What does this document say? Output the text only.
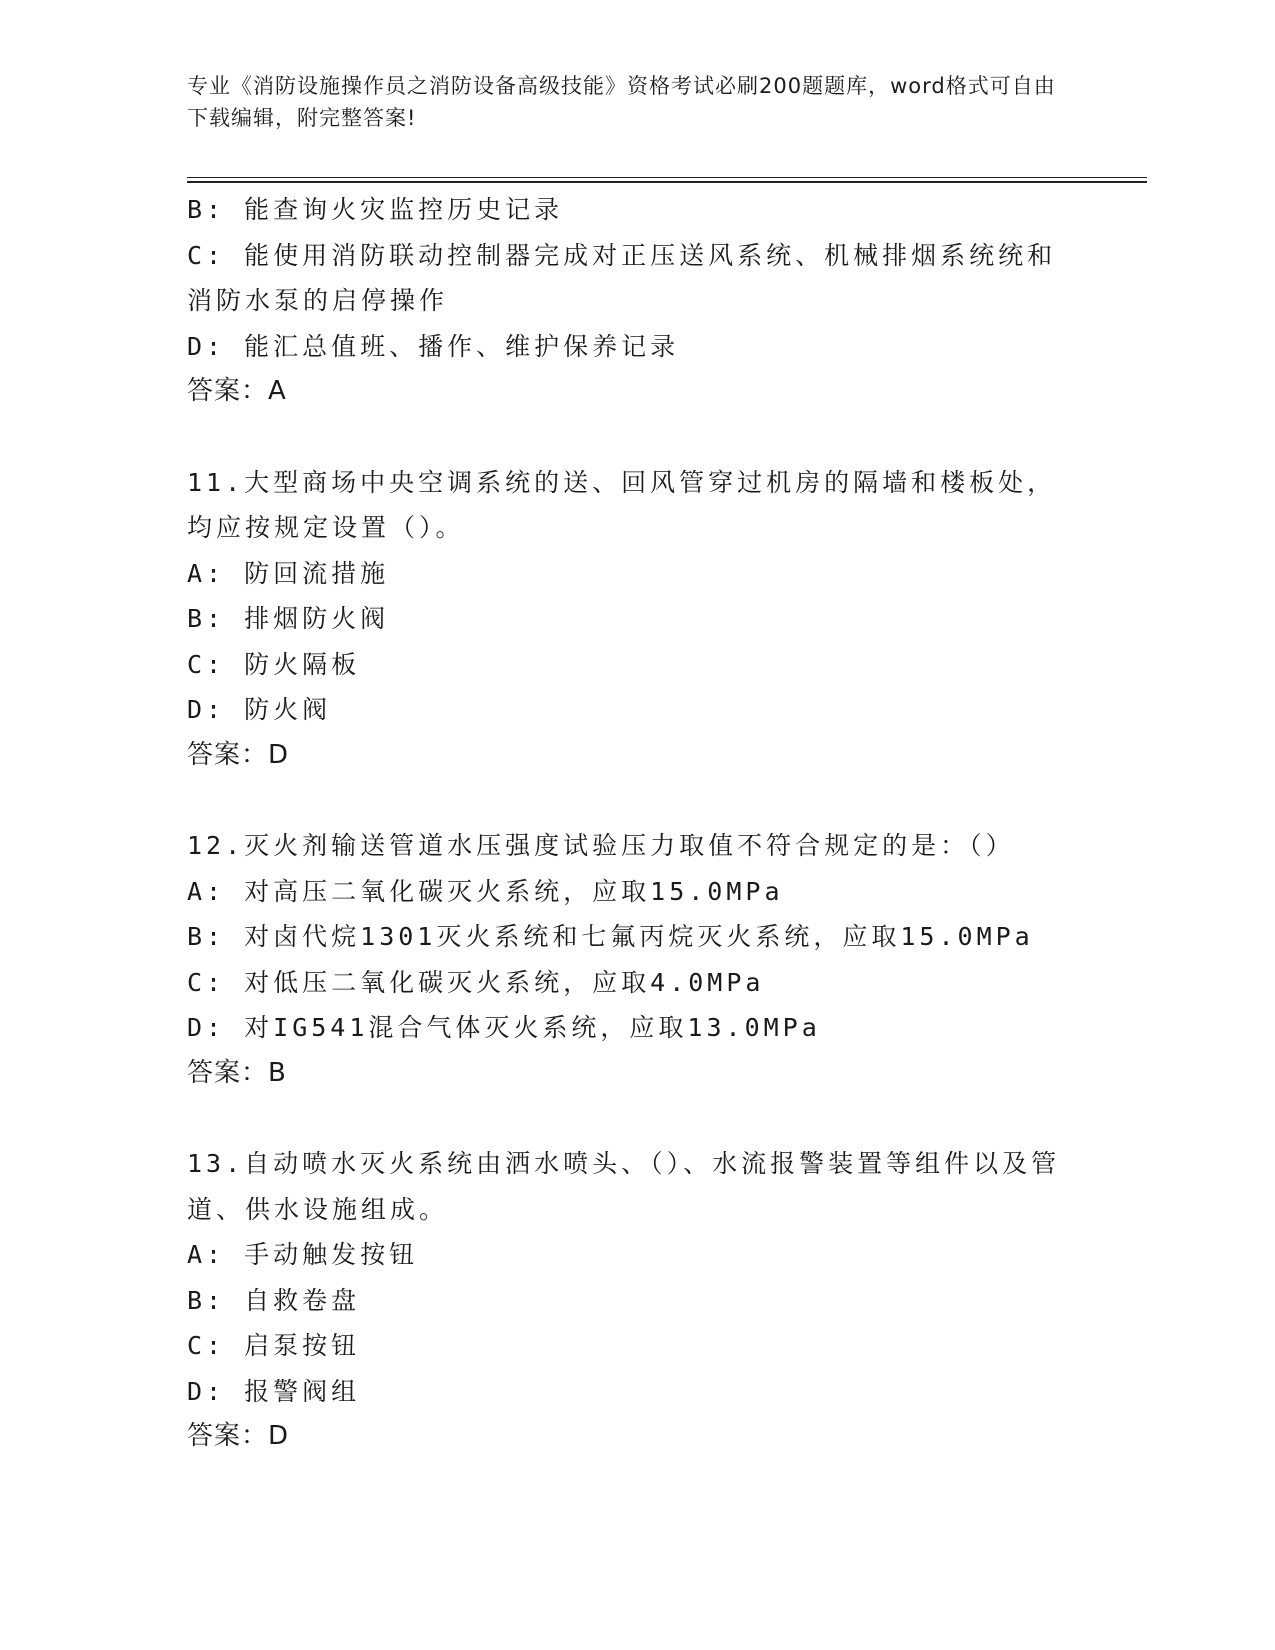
专业《消防设施操作员之消防设备高级技能》资格考试必刷200题题库，word格式可自由下载编辑，附完整答案!

B: 能查询火灾监控历史记录

C: 能使用消防联动控制器完成对正压送风系统、机械排烟系统统和消防水泵的启停操作

D: 能汇总值班、播作、维护保养记录

答案：A

11.大型商场中央空调系统的送、回风管穿过机房的隔墙和楼板处，均应按规定设置（）。

A: 防回流措施

B: 排烟防火阀

C: 防火隔板

D: 防火阀

答案：D

12.灭火剂输送管道水压强度试验压力取值不符合规定的是：（）

A: 对高压二氧化碳灭火系统，应取15.0MPa

B: 对卤代烷1301灭火系统和七氟丙烷灭火系统，应取15.0MPa

C: 对低压二氧化碳灭火系统，应取4.0MPa

D: 对IG541混合气体灭火系统，应取13.0MPa

答案：B

13.自动喷水灭火系统由洒水喷头、（）、水流报警装置等组件以及管道、供水设施组成。

A: 手动触发按钮

B: 自救卷盘

C: 启泵按钮

D: 报警阀组

答案：D
